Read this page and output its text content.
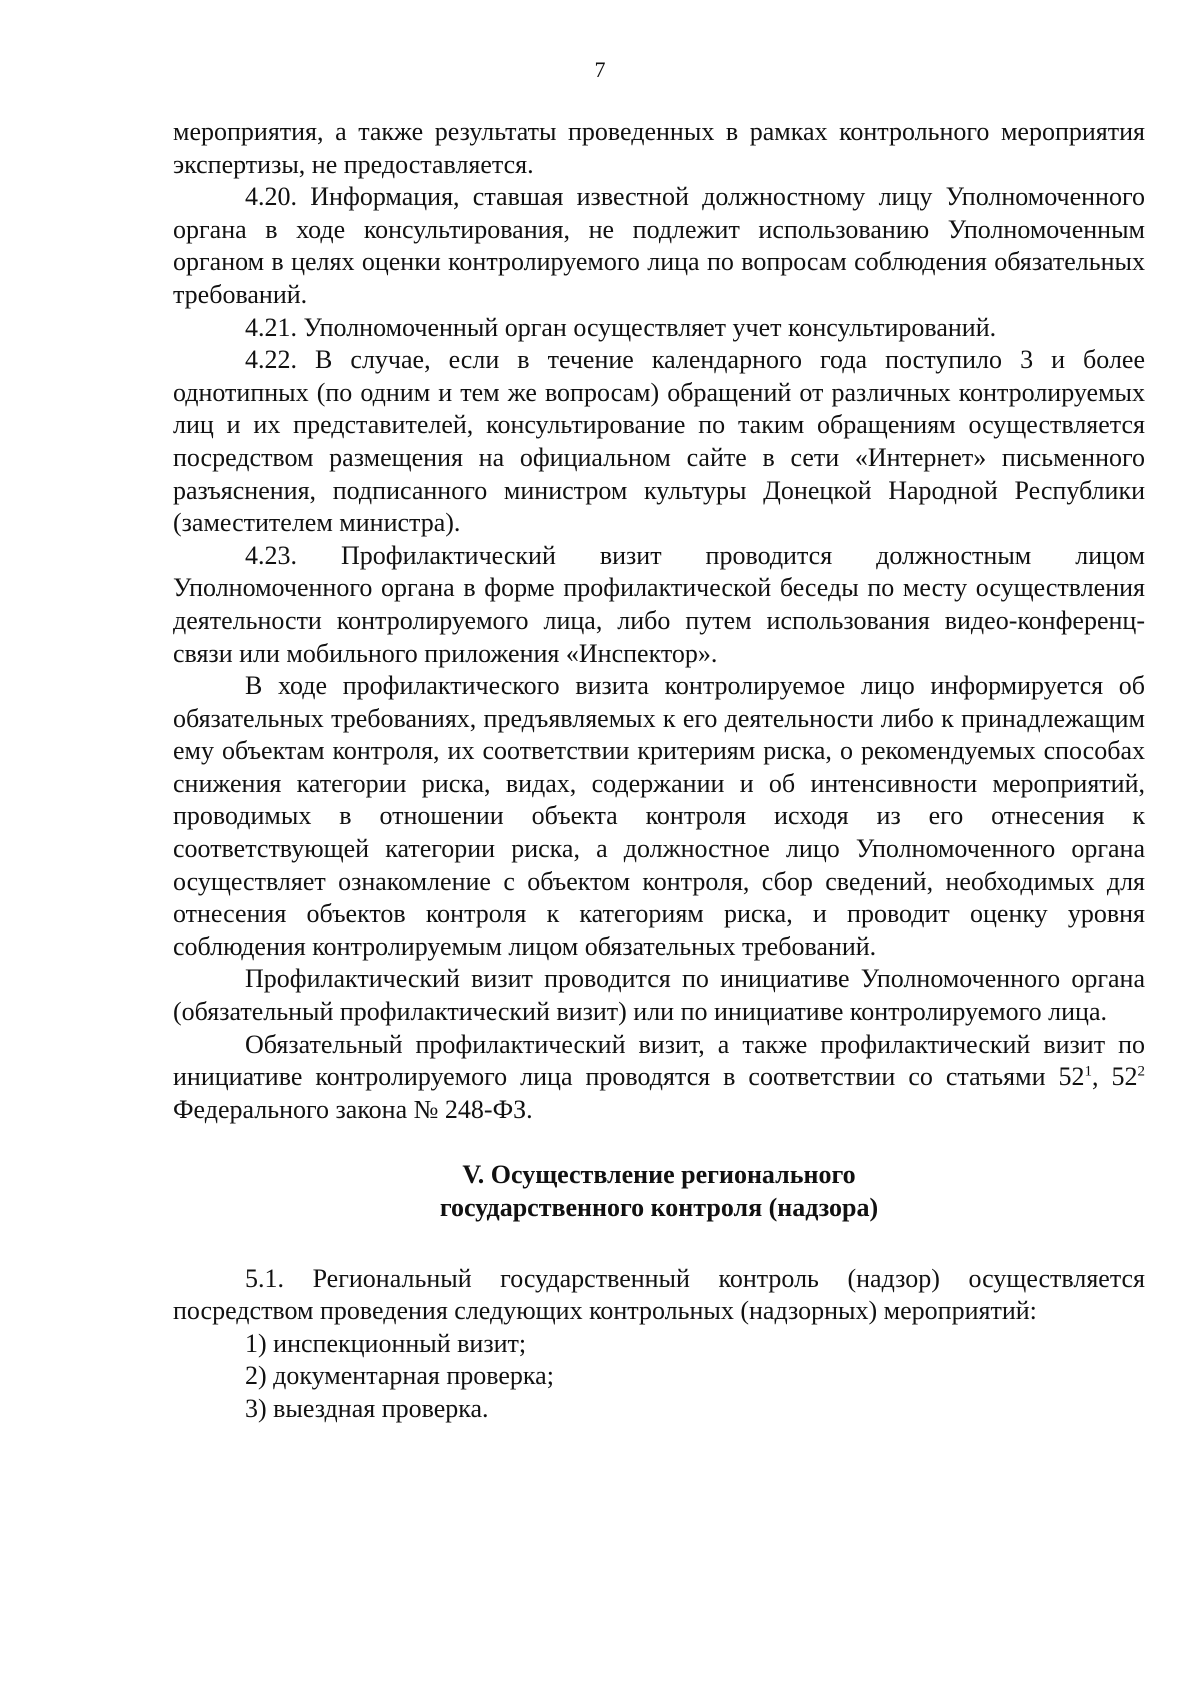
7

мероприятия, а также результаты проведенных в рамках контрольного мероприятия экспертизы, не предоставляется.

4.20. Информация, ставшая известной должностному лицу Уполномоченного органа в ходе консультирования, не подлежит использованию Уполномоченным органом в целях оценки контролируемого лица по вопросам соблюдения обязательных требований.

4.21. Уполномоченный орган осуществляет учет консультирований.

4.22. В случае, если в течение календарного года поступило 3 и более однотипных (по одним и тем же вопросам) обращений от различных контролируемых лиц и их представителей, консультирование по таким обращениям осуществляется посредством размещения на официальном сайте в сети «Интернет» письменного разъяснения, подписанного министром культуры Донецкой Народной Республики (заместителем министра).

4.23. Профилактический визит проводится должностным лицом Уполномоченного органа в форме профилактической беседы по месту осуществления деятельности контролируемого лица, либо путем использования видео-конференц-связи или мобильного приложения «Инспектор».

В ходе профилактического визита контролируемое лицо информируется об обязательных требованиях, предъявляемых к его деятельности либо к принадлежащим ему объектам контроля, их соответствии критериям риска, о рекомендуемых способах снижения категории риска, видах, содержании и об интенсивности мероприятий, проводимых в отношении объекта контроля исходя из его отнесения к соответствующей категории риска, а должностное лицо Уполномоченного органа осуществляет ознакомление с объектом контроля, сбор сведений, необходимых для отнесения объектов контроля к категориям риска, и проводит оценку уровня соблюдения контролируемым лицом обязательных требований.

Профилактический визит проводится по инициативе Уполномоченного органа (обязательный профилактический визит) или по инициативе контролируемого лица.

Обязательный профилактический визит, а также профилактический визит по инициативе контролируемого лица проводятся в соответствии со статьями $52^1$, $52^2$ Федерального закона № 248-ФЗ.

V. Осуществление регионального
государственного контроля (надзора)

5.1. Региональный государственный контроль (надзор) осуществляется посредством проведения следующих контрольных (надзорных) мероприятий:

1) инспекционный визит;

2) документарная проверка;

3) выездная проверка.
